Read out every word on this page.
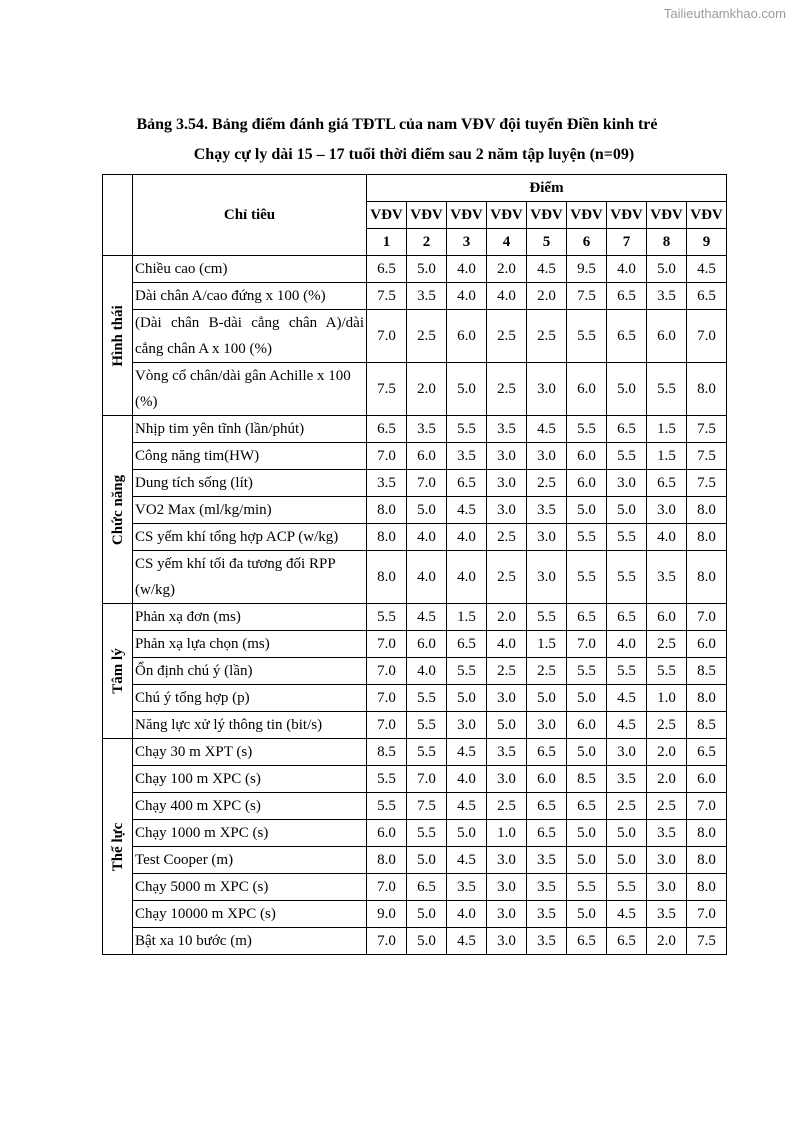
Tailieuthamkhao.com
Bảng 3.54. Bảng điểm đánh giá TĐTL của nam VĐV đội tuyển Điền kinh trẻ
Chạy cự ly dài 15 – 17 tuổi thời điểm sau 2 năm tập luyện (n=09)
	Chỉ tiêu	Điểm								
		VĐV	VĐV	VĐV	VĐV	VĐV	VĐV	VĐV	VĐV	VĐV
		1	2	3	4	5	6	7	8	9

Hình thái	Chiều cao (cm)	6.5	5.0	4.0	2.0	4.5	9.5	4.0	5.0	4.5
	Dài chân A/cao đứng x 100 (%)	7.5	3.5	4.0	4.0	2.0	7.5	6.5	3.5	6.5
	(Dài chân B-dài cẳng chân A)/dài cẳng chân A x 100 (%)	7.0	2.5	6.0	2.5	2.5	5.5	6.5	6.0	7.0
	Vòng cổ chân/dài gân Achille x 100 (%)	7.5	2.0	5.0	2.5	3.0	6.0	5.0	5.5	8.0

Chức năng	Nhịp tim yên tĩnh (lần/phút)	6.5	3.5	5.5	3.5	4.5	5.5	6.5	1.5	7.5
	Công năng tim(HW)	7.0	6.0	3.5	3.0	3.0	6.0	5.5	1.5	7.5
	Dung tích sống (lít)	3.5	7.0	6.5	3.0	2.5	6.0	3.0	6.5	7.5
	VO2 Max (ml/kg/min)	8.0	5.0	4.5	3.0	3.5	5.0	5.0	3.0	8.0
	CS yếm khí tổng hợp ACP (w/kg)	8.0	4.0	4.0	2.5	3.0	5.5	5.5	4.0	8.0
	CS yếm khí tối đa tương đối RPP (w/kg)	8.0	4.0	4.0	2.5	3.0	5.5	5.5	3.5	8.0

Tâm lý	Phản xạ đơn (ms)	5.5	4.5	1.5	2.0	5.5	6.5	6.5	6.0	7.0
	Phản xạ lựa chọn (ms)	7.0	6.0	6.5	4.0	1.5	7.0	4.0	2.5	6.0
	Ổn định chú ý (lần)	7.0	4.0	5.5	2.5	2.5	5.5	5.5	5.5	8.5
	Chú ý tổng hợp (p)	7.0	5.5	5.0	3.0	5.0	5.0	4.5	1.0	8.0
	Năng lực xử lý thông tin (bit/s)	7.0	5.5	3.0	5.0	3.0	6.0	4.5	2.5	8.5

Thể lực	Chạy 30 m XPT (s)	8.5	5.5	4.5	3.5	6.5	5.0	3.0	2.0	6.5
	Chạy 100 m XPC (s)	5.5	7.0	4.0	3.0	6.0	8.5	3.5	2.0	6.0
	Chạy 400 m XPC (s)	5.5	7.5	4.5	2.5	6.5	6.5	2.5	2.5	7.0
	Chạy 1000 m XPC (s)	6.0	5.5	5.0	1.0	6.5	5.0	5.0	3.5	8.0
	Test Cooper (m)	8.0	5.0	4.5	3.0	3.5	5.0	5.0	3.0	8.0
	Chạy 5000 m XPC (s)	7.0	6.5	3.5	3.0	3.5	5.5	5.5	3.0	8.0
	Chạy 10000 m XPC (s)	9.0	5.0	4.0	3.0	3.5	5.0	4.5	3.5	7.0
	Bật xa 10 bước (m)	7.0	5.0	4.5	3.0	3.5	6.5	6.5	2.0	7.5
